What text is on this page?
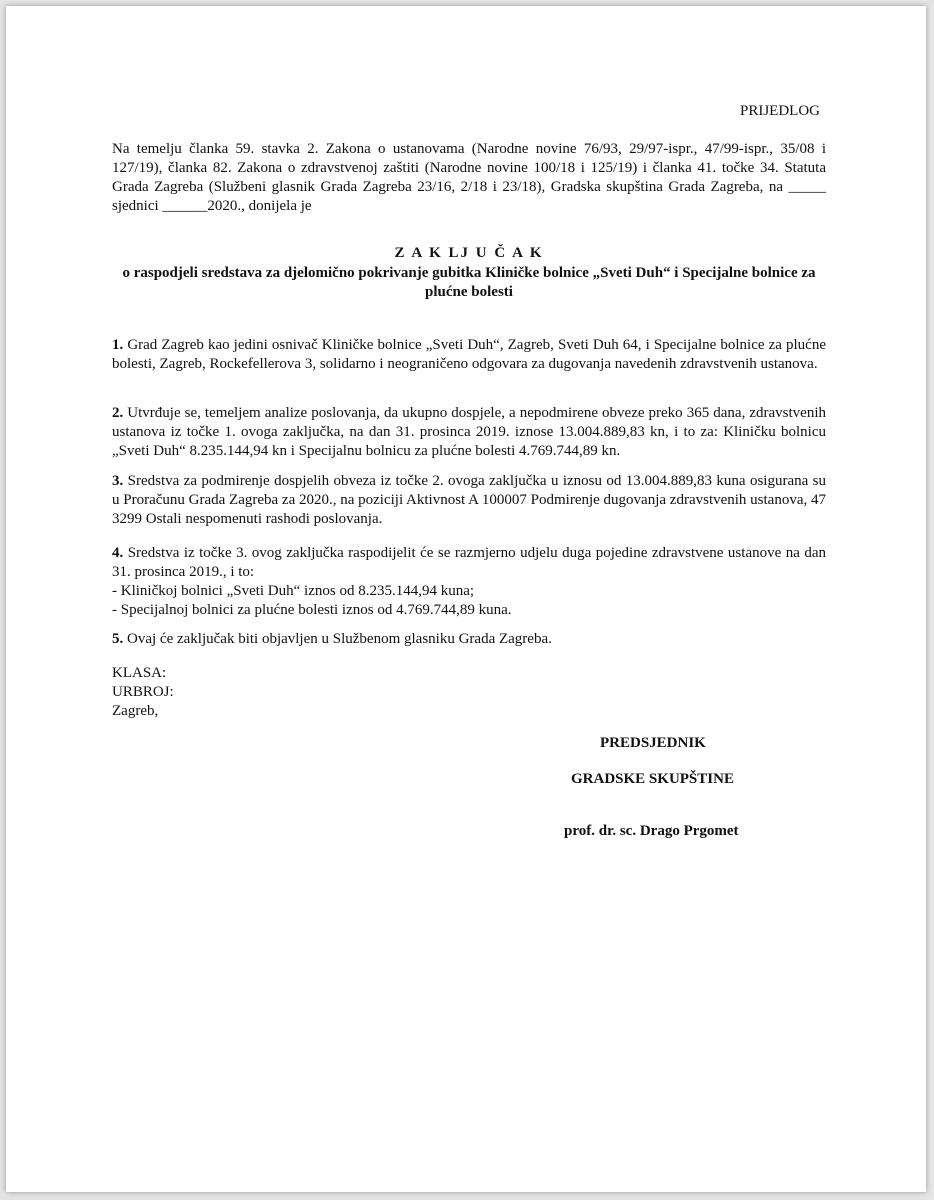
PRIJEDLOG

Na temelju članka 59. stavka 2. Zakona o ustanovama (Narodne novine 76/93, 29/97-ispr., 47/99-ispr., 35/08 i 127/19), članka 82. Zakona o zdravstvenoj zaštiti (Narodne novine 100/18 i 125/19) i članka 41. točke 34. Statuta Grada Zagreba (Službeni glasnik Grada Zagreba 23/16, 2/18 i 23/18), Gradska skupština Grada Zagreba, na _____ sjednici ______2020., donijela je

Z A K LJ U Č A K

o raspodjeli sredstava za djelomično pokrivanje gubitka Kliničke bolnice „Sveti Duh“ i Specijalne bolnice za plućne bolesti

1. Grad Zagreb kao jedini osnivač Kliničke bolnice „Sveti Duh“, Zagreb, Sveti Duh 64, i Specijalne bolnice za plućne bolesti, Zagreb, Rockefellerova 3, solidarno i neograničeno odgovara za dugovanja navedenih zdravstvenih ustanova.

2. Utvrđuje se, temeljem analize poslovanja, da ukupno dospjele, a nepodmirene obveze preko 365 dana, zdravstvenih ustanova iz točke 1. ovoga zaključka, na dan 31. prosinca 2019. iznose 13.004.889,83 kn, i to za: Kliničku bolnicu „Sveti Duh“ 8.235.144,94 kn i Specijalnu bolnicu za plućne bolesti 4.769.744,89 kn.

3. Sredstva za podmirenje dospjelih obveza iz točke 2. ovoga zaključka u iznosu od 13.004.889,83 kuna osigurana su u Proračunu Grada Zagreba za 2020., na poziciji Aktivnost A 100007 Podmirenje dugovanja zdravstvenih ustanova, 47 3299 Ostali nespomenuti rashodi poslovanja.

4. Sredstva iz točke 3. ovog zaključka raspodijelit će se razmjerno udjelu duga pojedine zdravstvene ustanove na dan 31. prosinca 2019., i to:

- Kliničkoj bolnici „Sveti Duh“ iznos od 8.235.144,94 kuna;
- Specijalnoj bolnici za plućne bolesti iznos od 4.769.744,89 kuna.

5. Ovaj će zaključak biti objavljen u Službenom glasniku Grada Zagreba.

KLASA:
URBROJ:
Zagreb,

PREDSJEDNIK

GRADSKE SKUPŠTINE

prof. dr. sc. Drago Prgomet
